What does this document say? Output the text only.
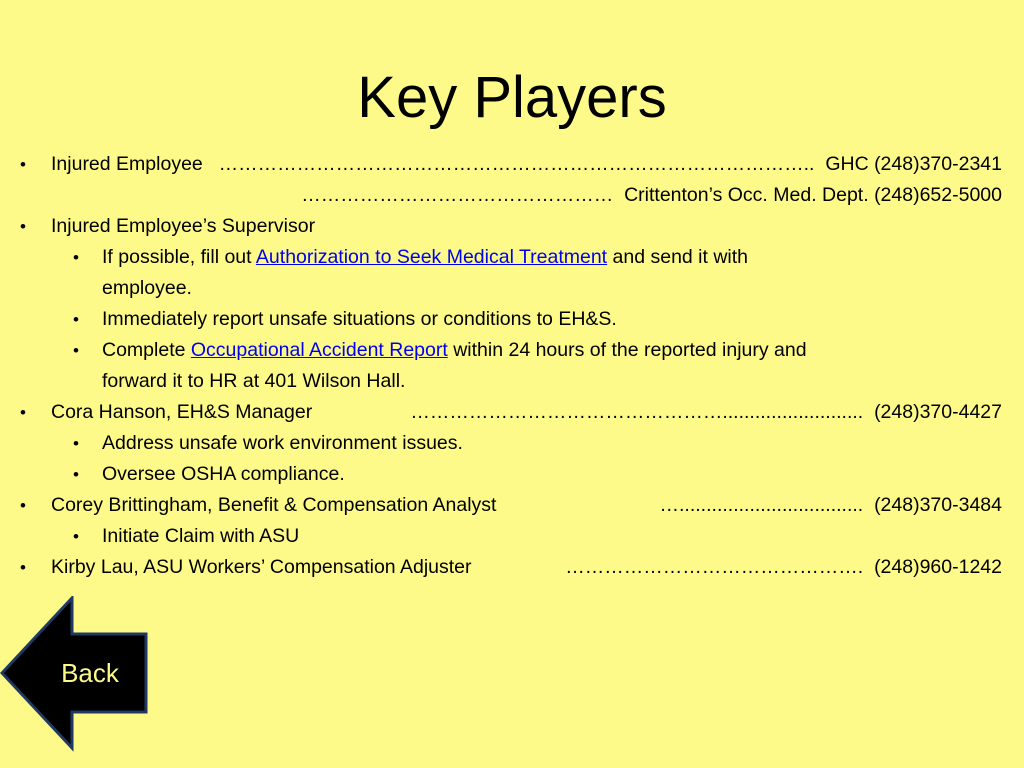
Key Players
• Injured Employee ……………………………………………………………………………….. GHC (248)370-2341
………………………………………… Crittenton’s Occ. Med. Dept. (248)652-5000
• Injured Employee’s Supervisor
• If possible, fill out Authorization to Seek Medical Treatment and send it with
employee.
• Immediately report unsafe situations or conditions to EH&S.
• Complete Occupational Accident Report within 24 hours of the reported injury and
forward it to HR at 401 Wilson Hall.
• Cora Hanson, EH&S Manager	………………………………………….......................... (248)370-4427
• Address unsafe work environment issues.
• Oversee OSHA compliance.
• Corey Brittingham, Benefit & Compensation Analyst	….................................. (248)370-3484
• Initiate Claim with ASU
• Kirby Lau, ASU Workers’ Compensation Adjuster	………………………………………. (248)960-1242
Back
